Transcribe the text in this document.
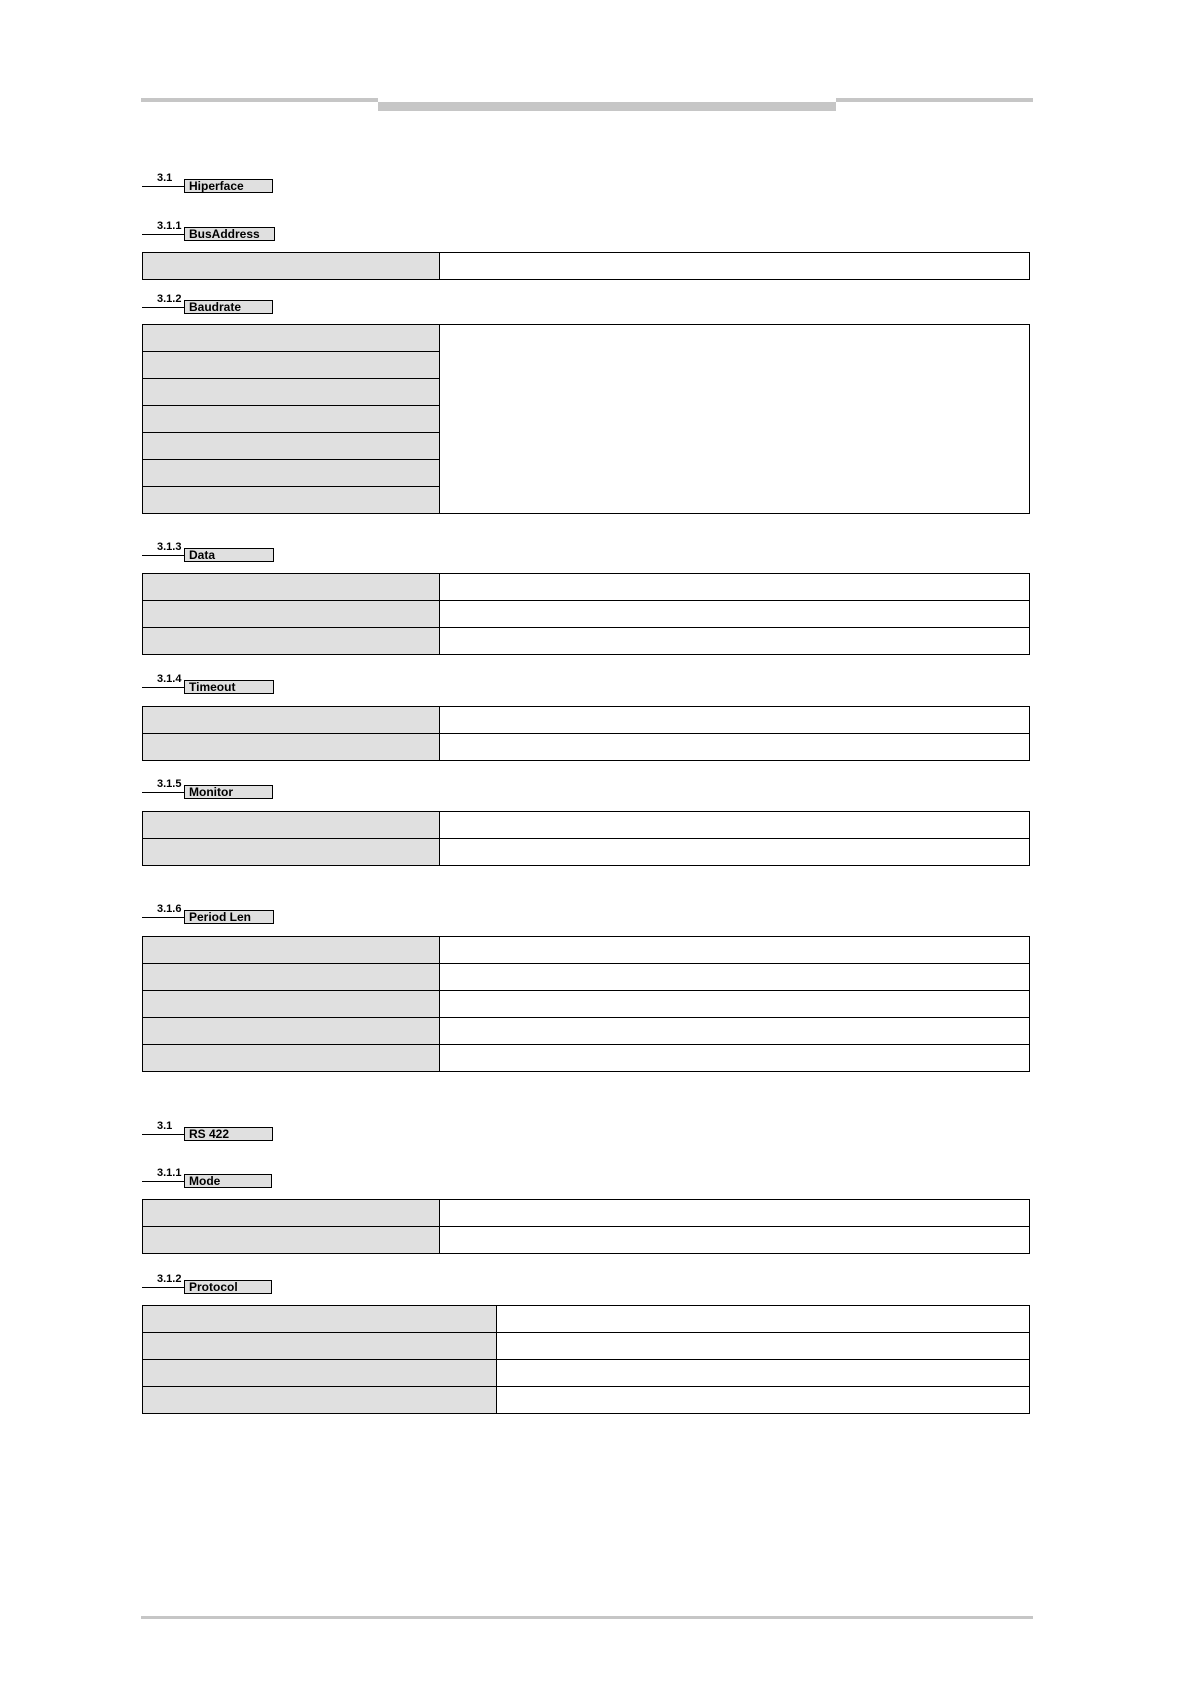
3.1
Hiperface
3.1.1
BusAddress

3.1.2
Baudrate

3.1.3
Data

3.1.4
Timeout

3.1.5
Monitor

3.1.6
Period Len

3.1
RS 422
3.1.1
Mode

3.1.2
Protocol
